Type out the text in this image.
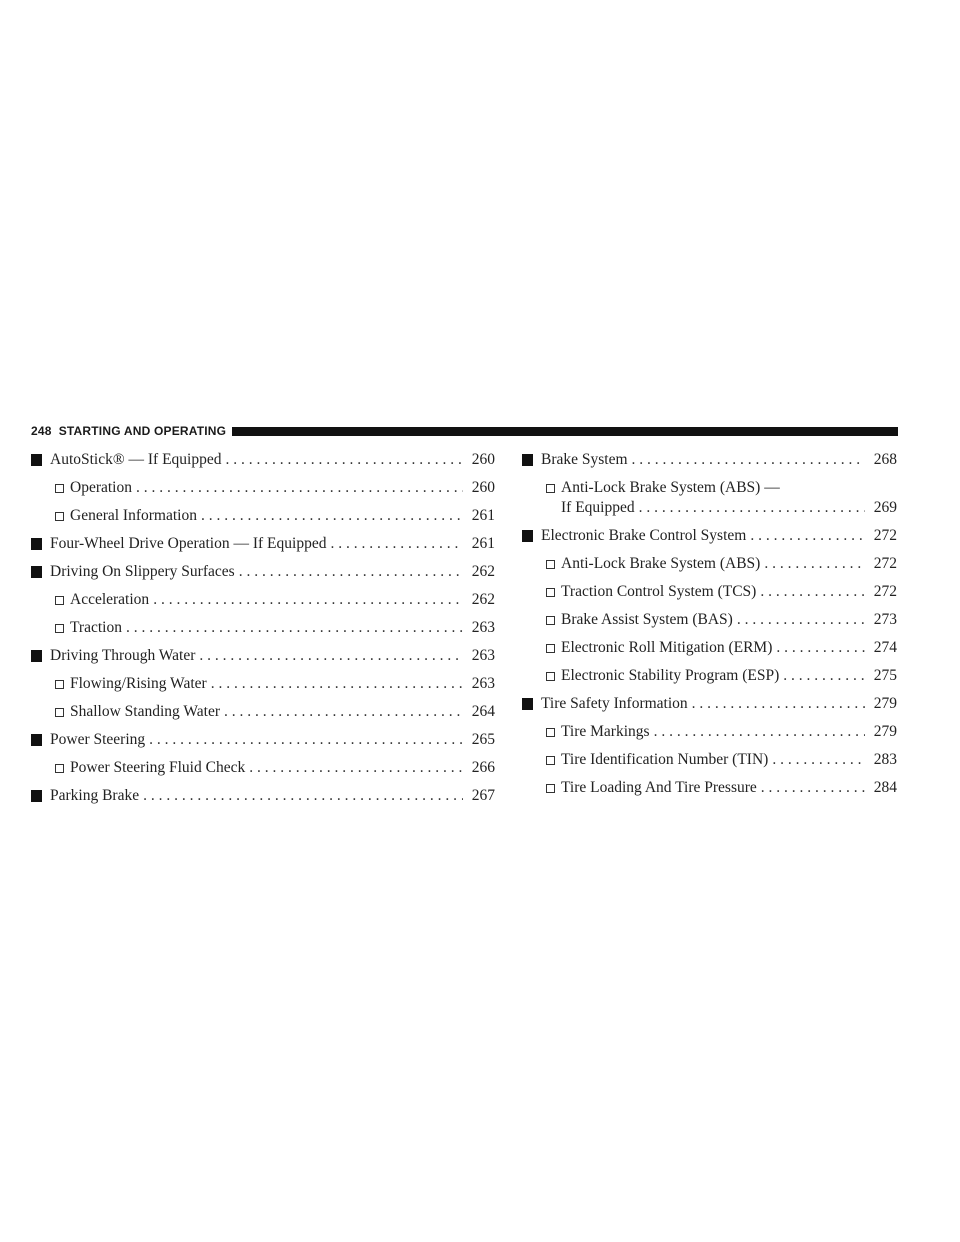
248 STARTING AND OPERATING
AutoStick® — If Equipped . . .	260
Operation . . .	260
General Information . . .	261
Four-Wheel Drive Operation — If Equipped . . .	261
Driving On Slippery Surfaces . . .	262
Acceleration . . .	262
Traction . . .	263
Driving Through Water . . .	263
Flowing/Rising Water . . .	263
Shallow Standing Water . . .	264
Power Steering . . .	265
Power Steering Fluid Check . . .	266
Parking Brake . . .	267
Brake System . . .	268
Anti-Lock Brake System (ABS) —
If Equipped . . .	269
Electronic Brake Control System . . .	272
Anti-Lock Brake System (ABS) . . .	272
Traction Control System (TCS) . . .	272
Brake Assist System (BAS) . . .	273
Electronic Roll Mitigation (ERM) . . .	274
Electronic Stability Program (ESP) . . .	275
Tire Safety Information . . .	279
Tire Markings . . .	279
Tire Identification Number (TIN) . . .	283
Tire Loading And Tire Pressure . . .	284
